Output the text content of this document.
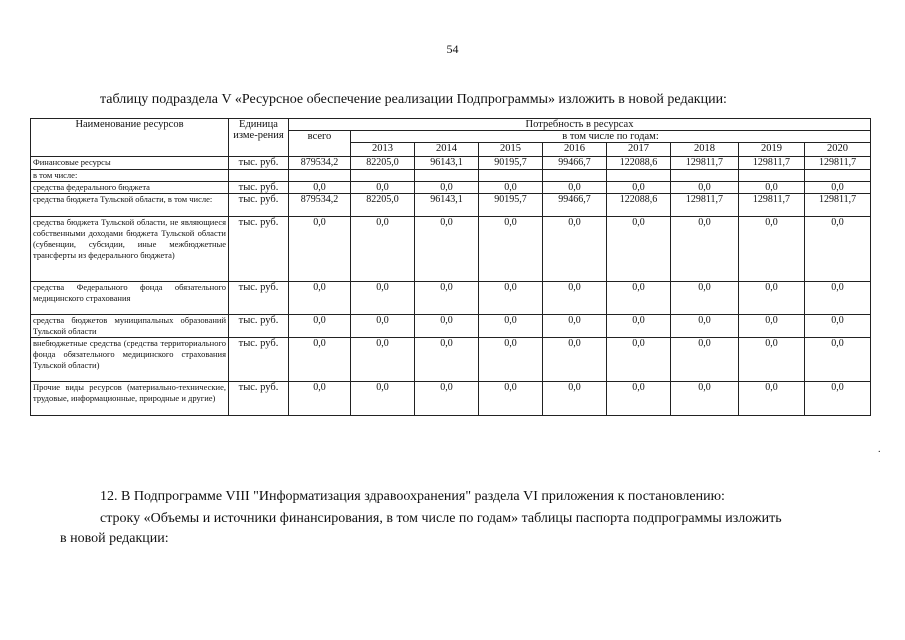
54
таблицу подраздела V «Ресурсное обеспечение реализации Подпрограммы» изложить в новой редакции:
Наименование ресурсов	Единица изме-рения	Потребность в ресурсах								
		всего	в том числе по годам:							
			2013	2014	2015	2016	2017	2018	2019	2020
Финансовые ресурсы	тыс. руб.	879534,2	82205,0	96143,1	90195,7	99466,7	122088,6	129811,7	129811,7	129811,7
в том числе:										
средства федерального бюджета	тыс. руб.	0,0	0,0	0,0	0,0	0,0	0,0	0,0	0,0	0,0
средства бюджета Тульской области, в том числе:	тыс. руб.	879534,2	82205,0	96143,1	90195,7	99466,7	122088,6	129811,7	129811,7	129811,7
средства бюджета Тульской области, не являющиеся собственными доходами бюджета Тульской области (субвенции, субсидии, иные межбюджетные трансферты из федерального бюджета)	тыс. руб.	0,0	0,0	0,0	0,0	0,0	0,0	0,0	0,0	0,0
средства Федерального фонда обязательного медицинского страхования	тыс. руб.	0,0	0,0	0,0	0,0	0,0	0,0	0,0	0,0	0,0
средства бюджетов муниципальных образований Тульской области	тыс. руб.	0,0	0,0	0,0	0,0	0,0	0,0	0,0	0,0	0,0
внебюджетные средства (средства территориального фонда обязательного медицинского страхования Тульской области)	тыс. руб.	0,0	0,0	0,0	0,0	0,0	0,0	0,0	0,0	0,0
Прочие виды ресурсов (материально-технические, трудовые, информационные, природные и другие)	тыс. руб.	0,0	0,0	0,0	0,0	0,0	0,0	0,0	0,0	0,0
.
12. В Подпрограмме VIII "Информатизация здравоохранения" раздела VI приложения к постановлению:
строку «Объемы и источники финансирования, в том числе по годам» таблицы паспорта подпрограммы изложить
в новой редакции:
